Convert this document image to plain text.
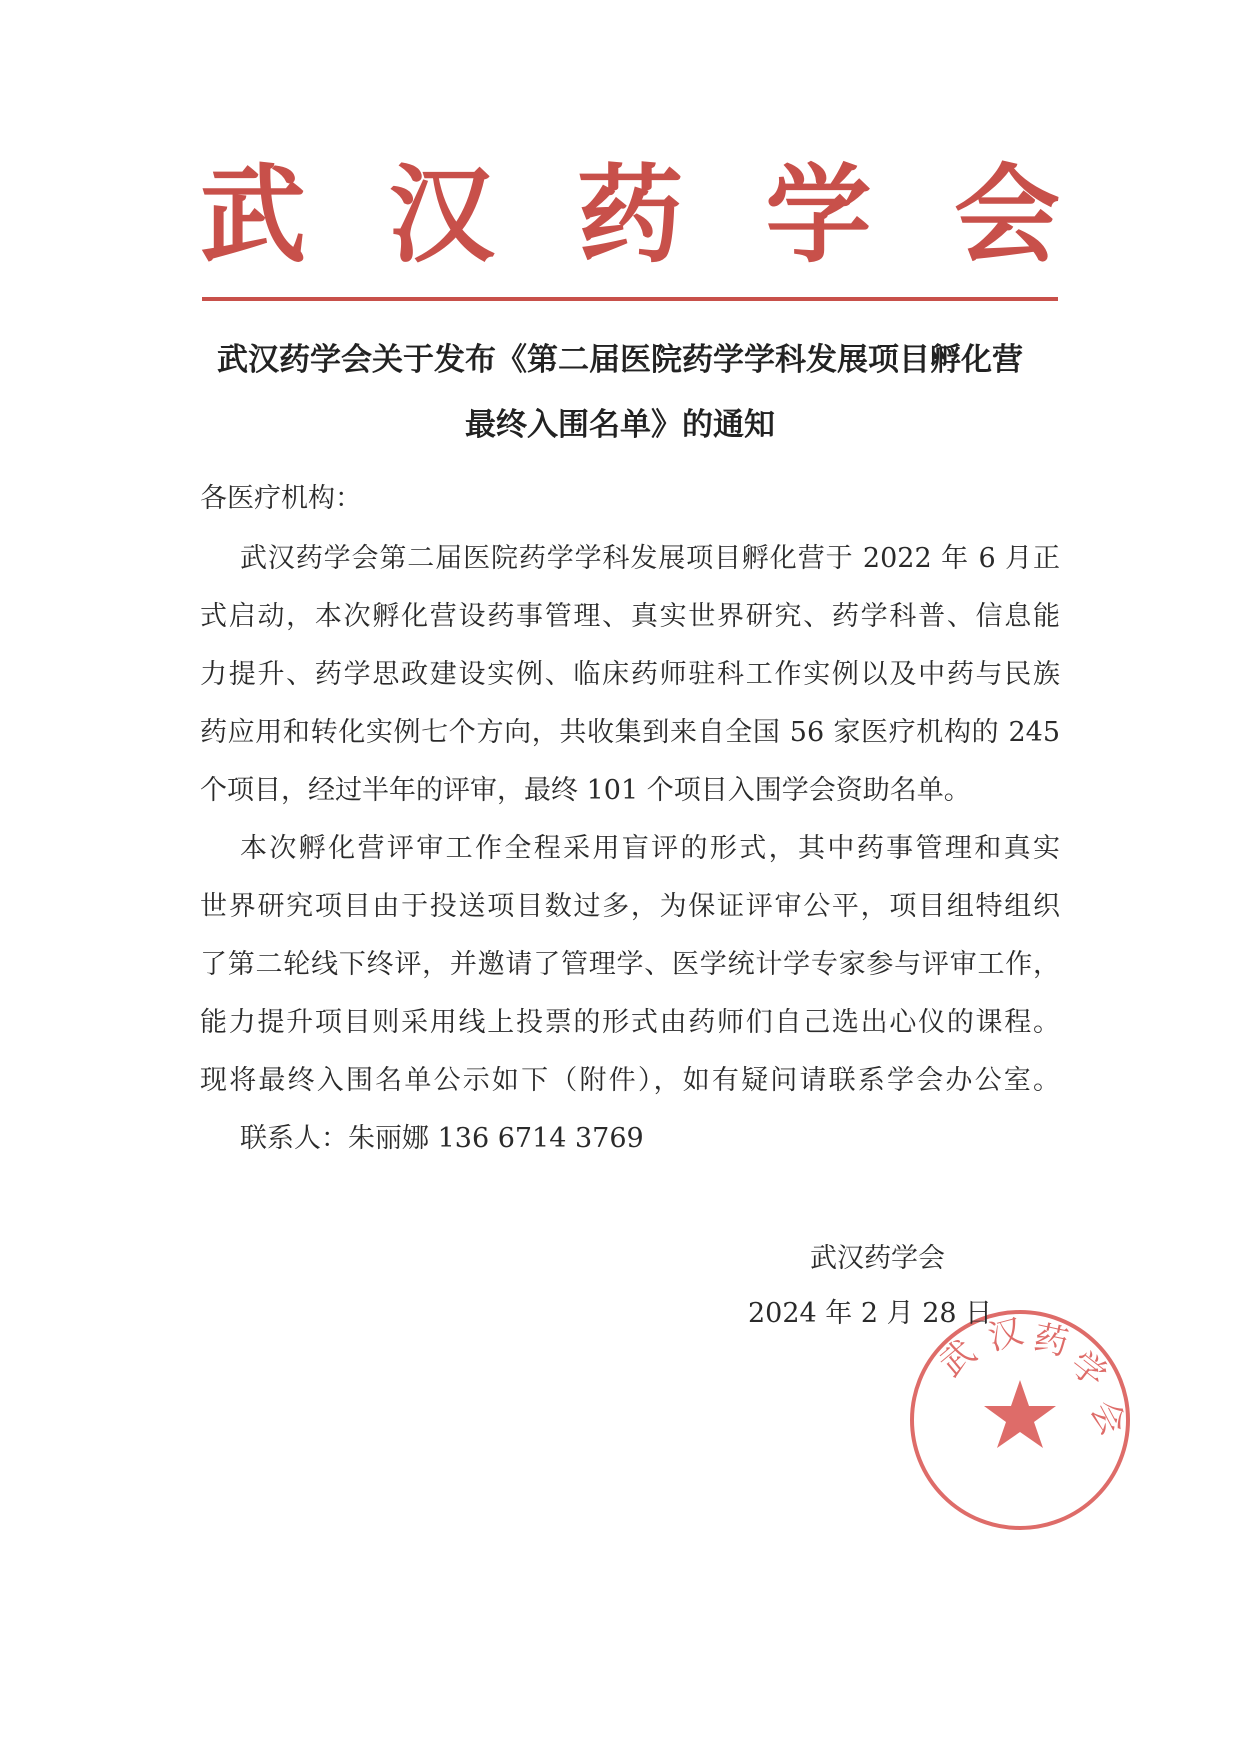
武 汉 药 学 会
武汉药学会关于发布《第二届医院药学学科发展项目孵化营
最终入围名单》的通知
各医疗机构：
武汉药学会第二届医院药学学科发展项目孵化营于 2022 年 6 月正
式启动，本次孵化营设药事管理、真实世界研究、药学科普、信息能
力提升、药学思政建设实例、临床药师驻科工作实例以及中药与民族
药应用和转化实例七个方向，共收集到来自全国 56 家医疗机构的 245
个项目，经过半年的评审，最终 101 个项目入围学会资助名单。
本次孵化营评审工作全程采用盲评的形式，其中药事管理和真实
世界研究项目由于投送项目数过多，为保证评审公平，项目组特组织
了第二轮线下终评，并邀请了管理学、医学统计学专家参与评审工作，
能力提升项目则采用线上投票的形式由药师们自己选出心仪的课程。
现将最终入围名单公示如下（附件），如有疑问请联系学会办公室。
联系人：朱丽娜 136 6714 3769
武 汉 药
学
会
武汉药学会
2024 年 2 月 28 日
